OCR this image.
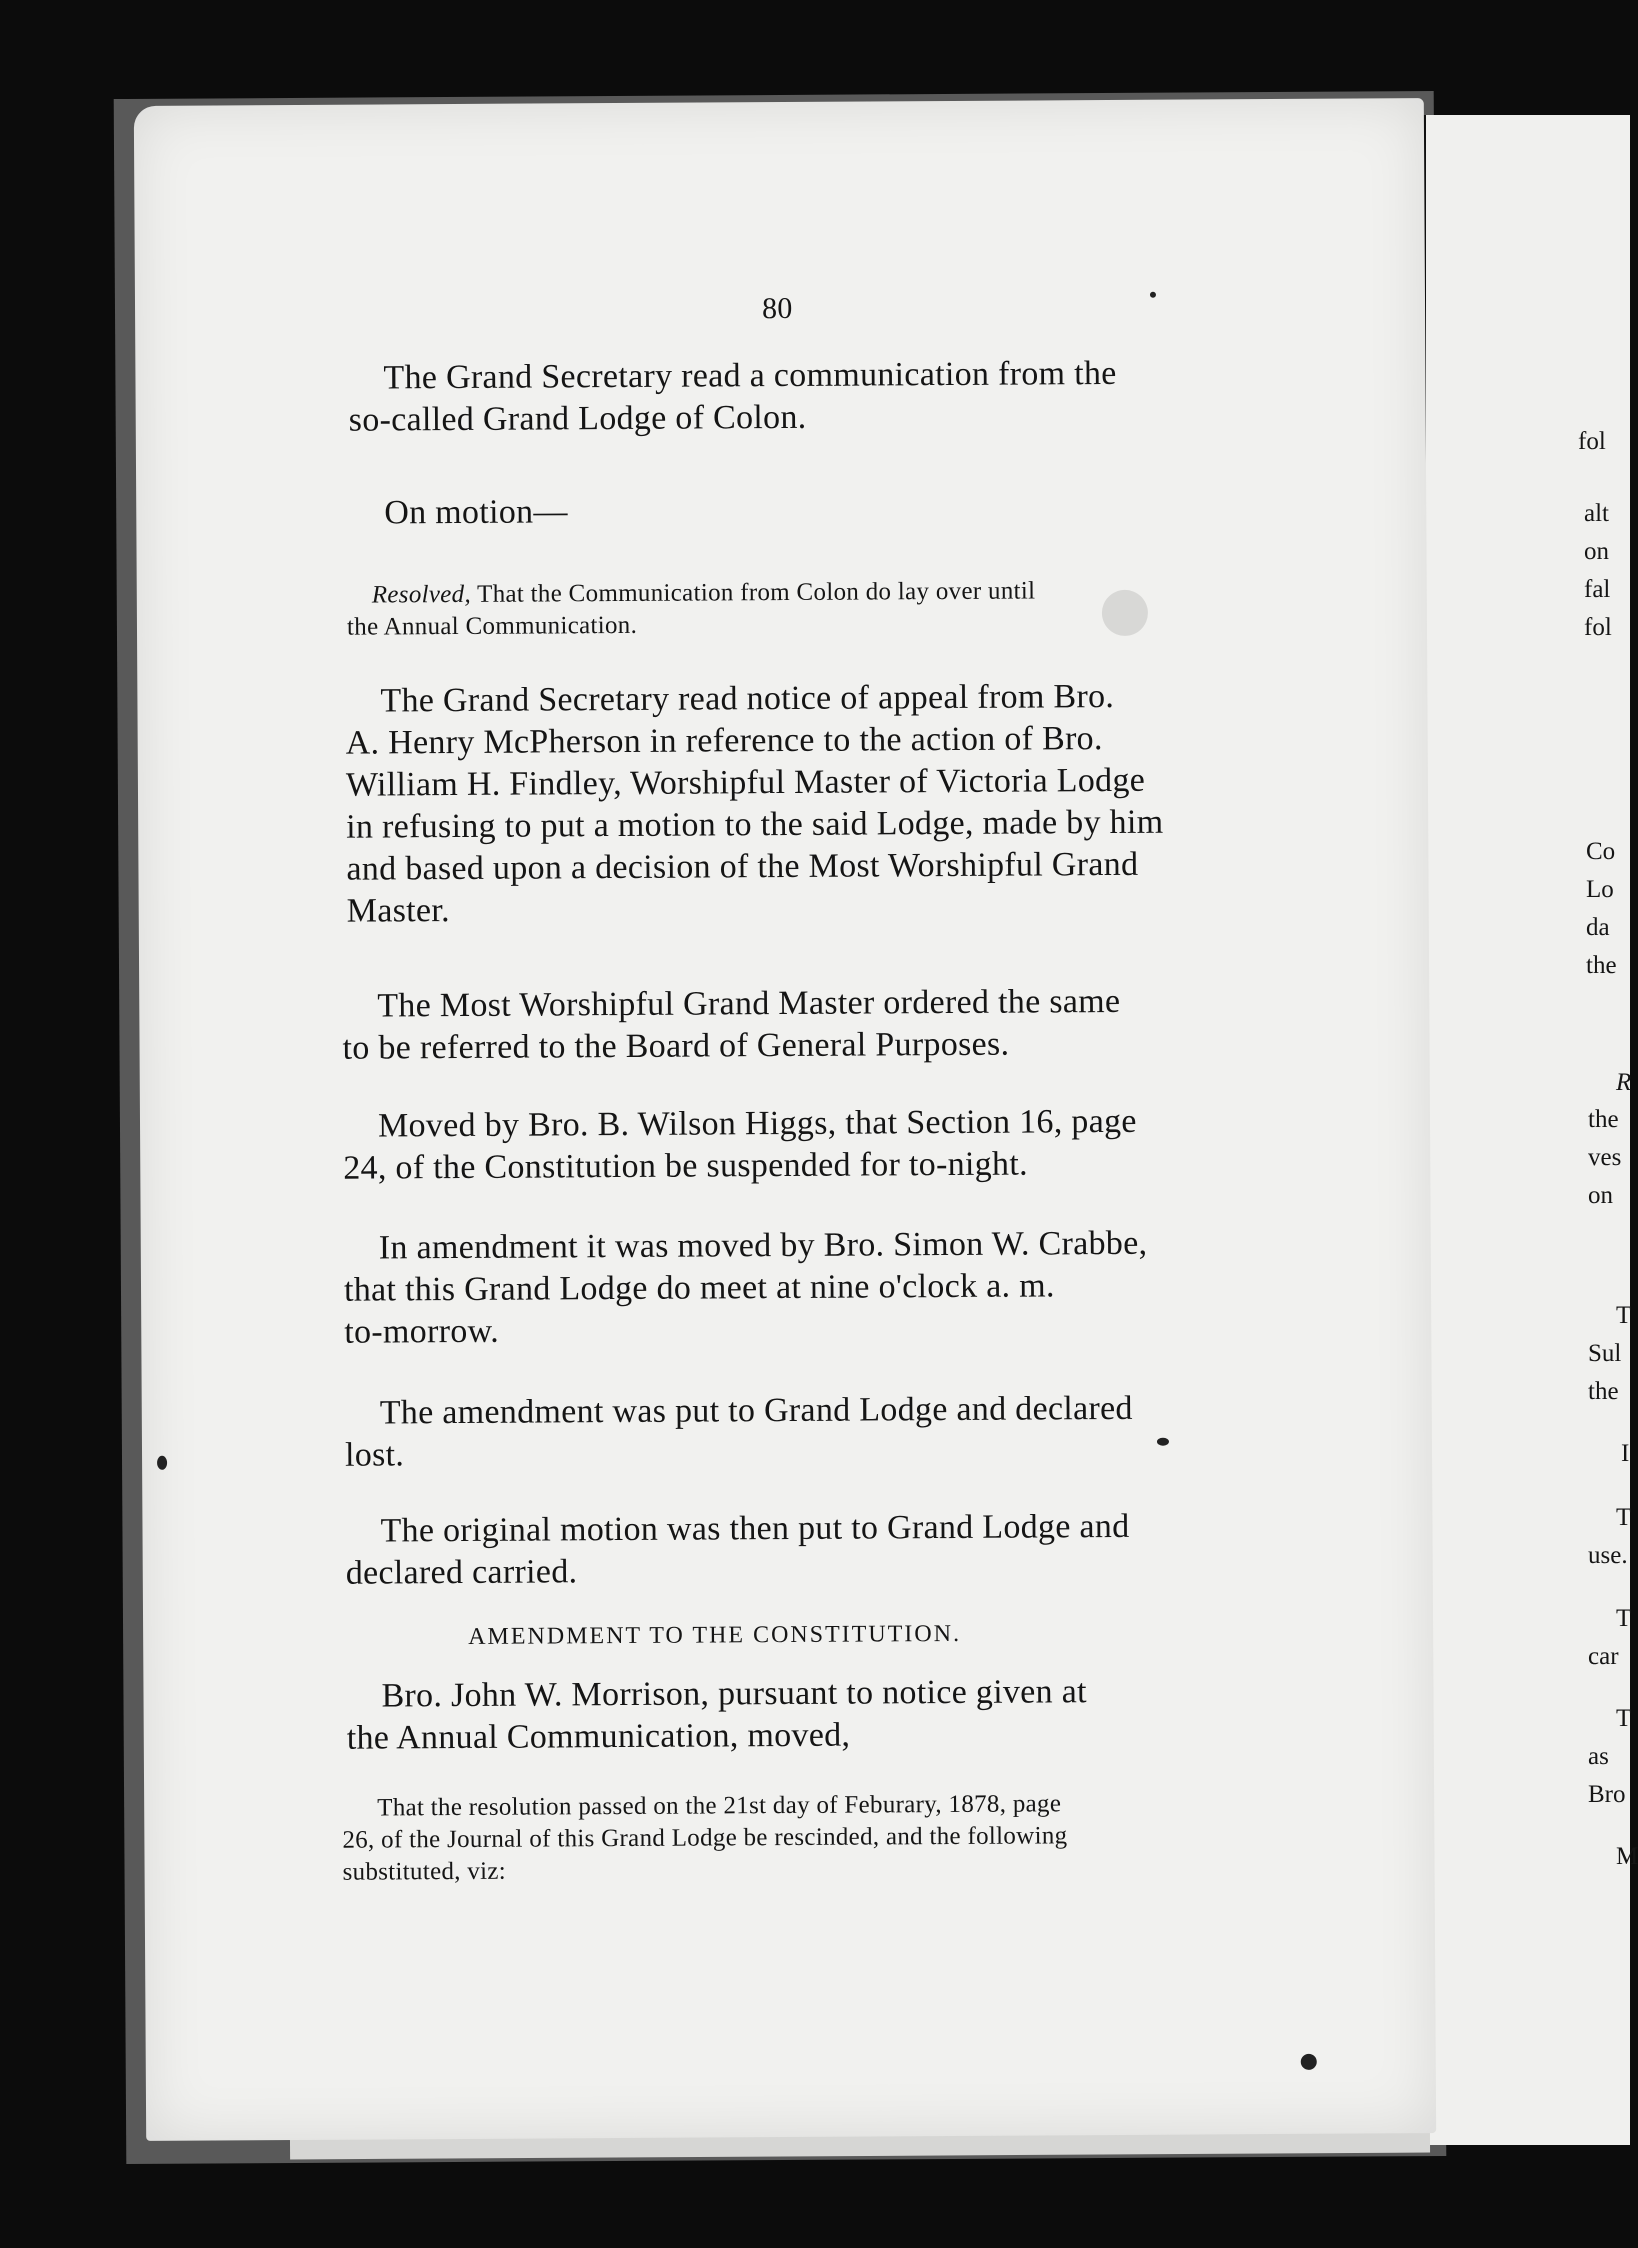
fol
alt
on
fal
fol
Co
Lo
da
the
R
the
ves
on
T
Sul
the
I
T
use.
T
car
T
as
Bro
M
80
The Grand Secretary read a communication from the
so-called Grand Lodge of Colon.
On motion—
Resolved, That the Communication from Colon do lay over until
the Annual Communication.
The Grand Secretary read notice of appeal from Bro.
A. Henry McPherson in reference to the action of Bro.
William H. Findley, Worshipful Master of Victoria Lodge
in refusing to put a motion to the said Lodge, made by him
and based upon a decision of the Most Worshipful Grand
Master.
The Most Worshipful Grand Master ordered the same
to be referred to the Board of General Purposes.
Moved by Bro. B. Wilson Higgs, that Section 16, page
24, of the Constitution be suspended for to-night.
In amendment it was moved by Bro. Simon W. Crabbe,
that this Grand Lodge do meet at nine o'clock a. m.
to-morrow.
The amendment was put to Grand Lodge and declared
lost.
The original motion was then put to Grand Lodge and
declared carried.
AMENDMENT TO THE CONSTITUTION.
Bro. John W. Morrison, pursuant to notice given at
the Annual Communication, moved,
That the resolution passed on the 21st day of Feburary, 1878, page
26, of the Journal of this Grand Lodge be rescinded, and the following
substituted, viz:
